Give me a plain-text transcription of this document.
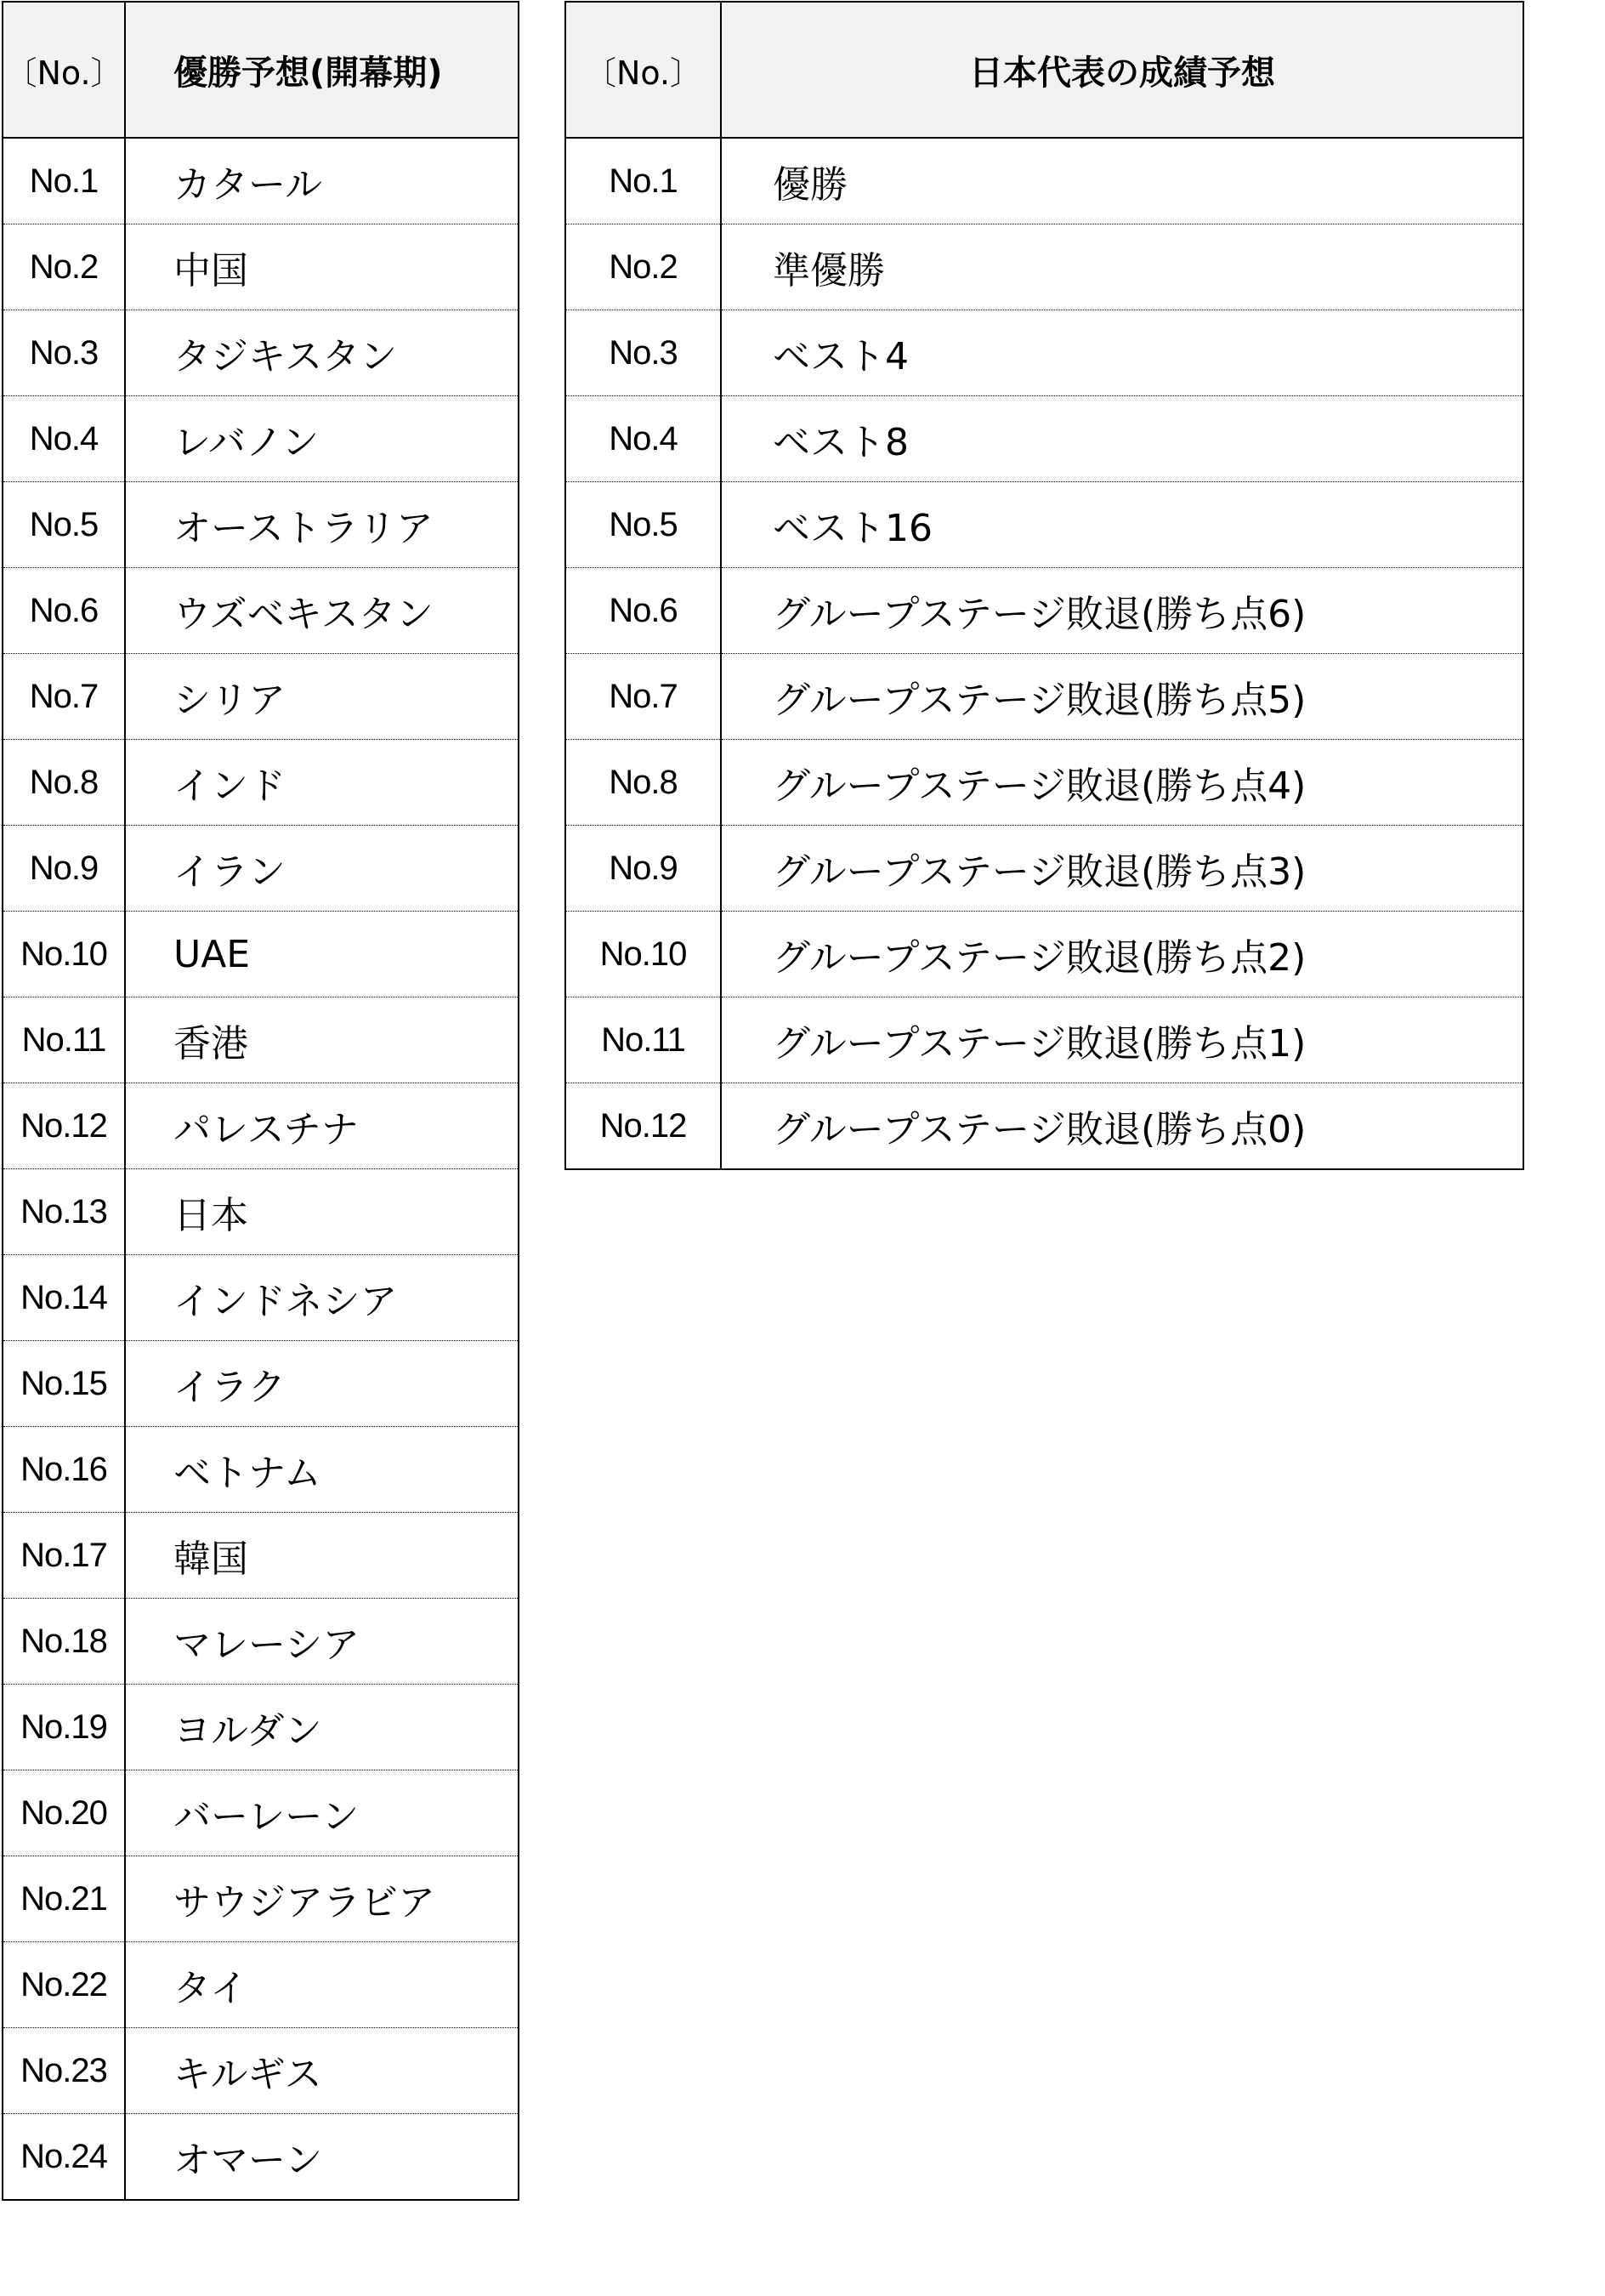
〔No.〕	優勝予想(開幕期)
No.1	カタール
No.2	中国
No.3	タジキスタン
No.4	レバノン
No.5	オーストラリア
No.6	ウズベキスタン
No.7	シリア
No.8	インド
No.9	イラン
No.10	UAE
No.11	香港
No.12	パレスチナ
No.13	日本
No.14	インドネシア
No.15	イラク
No.16	ベトナム
No.17	韓国
No.18	マレーシア
No.19	ヨルダン
No.20	バーレーン
No.21	サウジアラビア
No.22	タイ
No.23	キルギス
No.24	オマーン
〔No.〕	日本代表の成績予想
No.1	優勝
No.2	準優勝
No.3	ベスト4
No.4	ベスト8
No.5	ベスト16
No.6	グループステージ敗退(勝ち点6)
No.7	グループステージ敗退(勝ち点5)
No.8	グループステージ敗退(勝ち点4)
No.9	グループステージ敗退(勝ち点3)
No.10	グループステージ敗退(勝ち点2)
No.11	グループステージ敗退(勝ち点1)
No.12	グループステージ敗退(勝ち点0)
